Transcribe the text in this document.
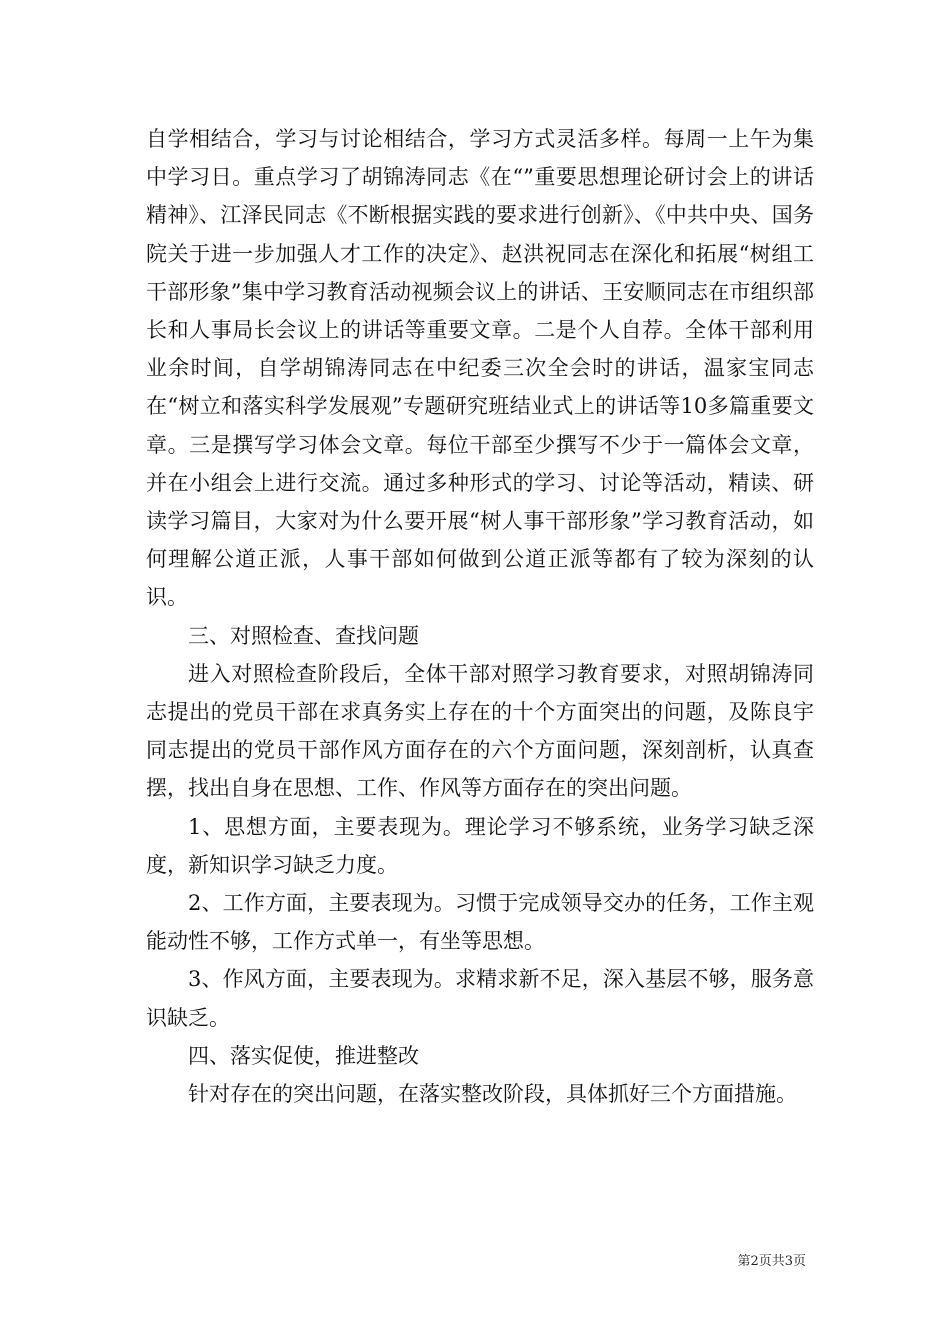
自学相结合，学习与讨论相结合，学习方式灵活多样。每周一上午为集中学习日。重点学习了胡锦涛同志《在“”重要思想理论研讨会上的讲话精神》、江泽民同志《不断根据实践的要求进行创新》、《中共中央、国务院关于进一步加强人才工作的决定》、赵洪祝同志在深化和拓展“树组工干部形象”集中学习教育活动视频会议上的讲话、王安顺同志在市组织部长和人事局长会议上的讲话等重要文章。二是个人自荐。全体干部利用业余时间，自学胡锦涛同志在中纪委三次全会时的讲话，温家宝同志在“树立和落实科学发展观”专题研究班结业式上的讲话等10多篇重要文章。三是撰写学习体会文章。每位干部至少撰写不少于一篇体会文章，并在小组会上进行交流。通过多种形式的学习、讨论等活动，精读、研读学习篇目，大家对为什么要开展“树人事干部形象”学习教育活动，如何理解公道正派，人事干部如何做到公道正派等都有了较为深刻的认识。

三、对照检查、查找问题

进入对照检查阶段后，全体干部对照学习教育要求，对照胡锦涛同志提出的党员干部在求真务实上存在的十个方面突出的问题，及陈良宇同志提出的党员干部作风方面存在的六个方面问题，深刻剖析，认真查摆，找出自身在思想、工作、作风等方面存在的突出问题。

1、思想方面，主要表现为。理论学习不够系统，业务学习缺乏深度，新知识学习缺乏力度。

2、工作方面，主要表现为。习惯于完成领导交办的任务，工作主观能动性不够，工作方式单一，有坐等思想。

3、作风方面，主要表现为。求精求新不足，深入基层不够，服务意识缺乏。

四、落实促使，推进整改

针对存在的突出问题，在落实整改阶段，具体抓好三个方面措施。

第2页共3页
